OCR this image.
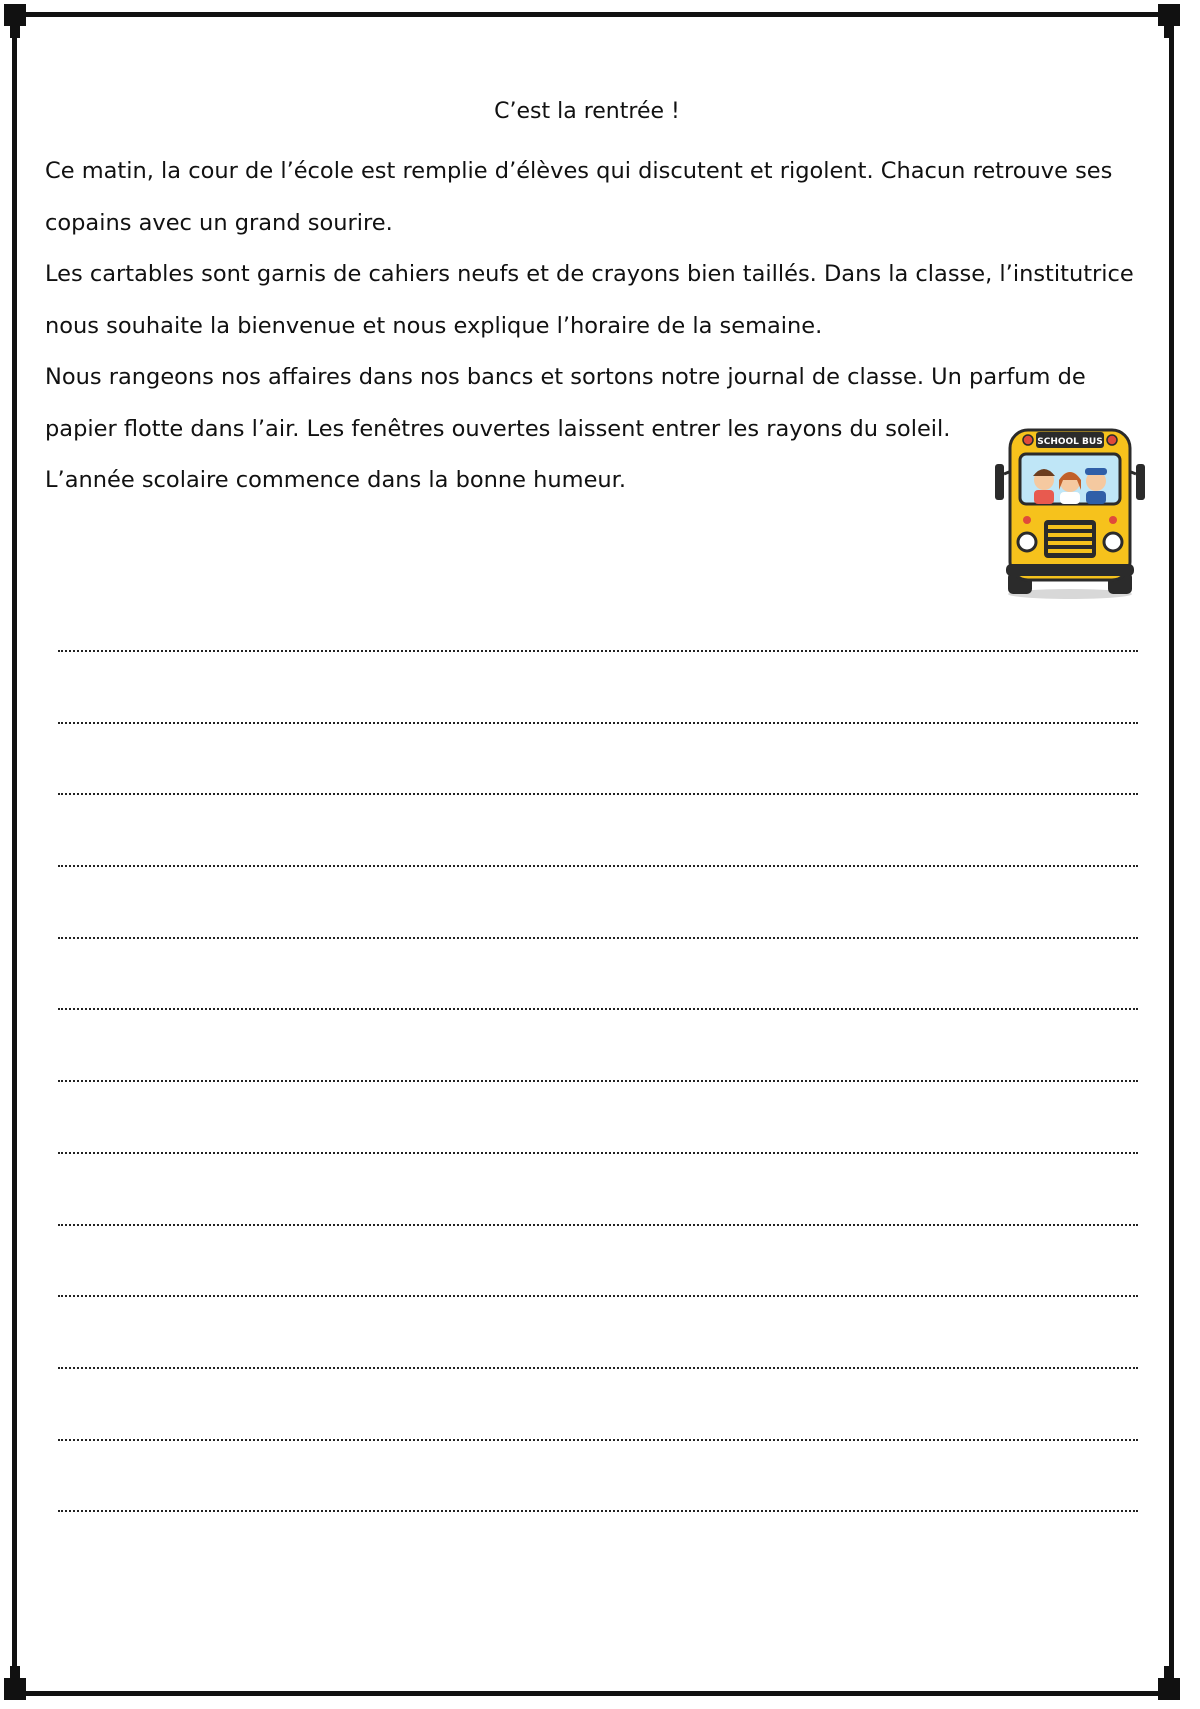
C’est la rentrée !

Ce matin, la cour de l’école est remplie d’élèves qui discutent et rigolent. Chacun retrouve ses

copains avec un grand sourire.

Les cartables sont garnis de cahiers neufs et de crayons bien taillés. Dans la classe, l’institutrice

nous souhaite la bienvenue et nous explique l’horaire de la semaine.

Nous rangeons nos affaires dans nos bancs et sortons notre journal de classe. Un parfum de

papier flotte dans l’air. Les fenêtres ouvertes laissent entrer les rayons du soleil.

L’année scolaire commence dans la bonne humeur.

SCHOOL BUS
